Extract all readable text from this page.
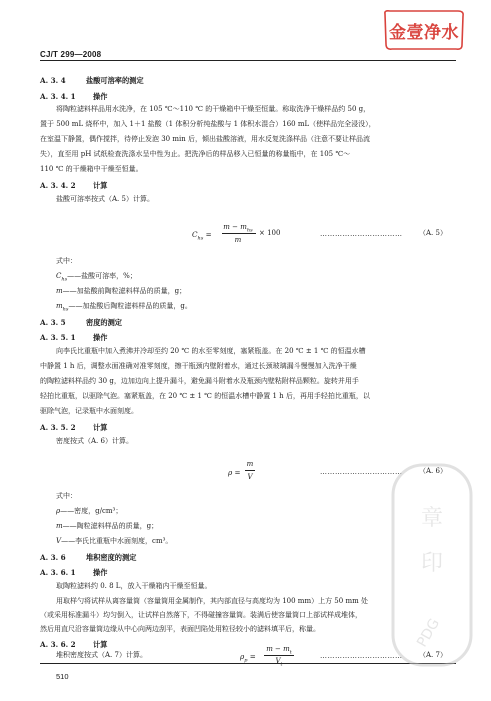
CJ/T 299—2008
金壹净水
A. 3. 4	盐酸可溶率的测定
A. 3. 4. 1 操作
将陶粒滤料样品用水洗净，在 105 ℃～110 ℃ 的干燥箱中干燥至恒量。称取洗净干燥样品约 50 g，
置于 500 mL 烧杯中，加入 1＋1 盐酸（1 体积分析纯盐酸与 1 体积水混合）160 mL（使样品完全浸没），
在室温下静置，偶作搅拌，待停止发泡 30 min 后，倾出盐酸溶液，用水反复洗涤样品（注意不要让样品流
失），直至用 pH 试纸检查洗涤水呈中性为止。把洗净后的样品移入已恒量的称量瓶中，在 105 ℃～
110 ℃ 的干燥箱中干燥至恒量。
A. 3. 4. 2 计算
盐酸可溶率按式（A. 5）计算。
$C_{hs}$ =
$m - m_{hs}$
m
× 100	…………………………… （A. 5）
式中：
$C_{hs}——$盐酸可溶率，%；
m——加盐酸前陶粒滤料样品的质量，g；
$m_{hs}——$加盐酸后陶粒滤料样品的质量，g。
A. 3. 5	密度的测定
A. 3. 5. 1 操作
向李氏比重瓶中加入煮沸并冷却至约 20 ℃ 的水至零刻度，塞紧瓶盖。在 20 ℃ ± 1 ℃ 的恒温水槽
中静置 1 h 后，调整水面准确对准零刻度，擦干瓶颈内壁附着水，通过长颈玻璃漏斗慢慢加入洗净干燥
的陶粒滤料样品约 30 g，边加边向上提升漏斗，避免漏斗附着水及瓶颈内壁粘附样品颗粒。旋转并用手
轻拍比重瓶，以驱除气泡。塞紧瓶盖，在 20 ℃ ± 1 ℃ 的恒温水槽中静置 1 h 后，再用手轻拍比重瓶，以
驱除气泡，记录瓶中水面刻度。
A. 3. 5. 2 计算
密度按式（A. 6）计算。
ρ =
m
V
…………………………… （A. 6）
式中：
ρ——密度，g/cm³；
m——陶粒滤料样品的质量，g；
V——李氏比重瓶中水面刻度，cm³。
A. 3. 6	堆积密度的测定
A. 3. 6. 1 操作
取陶粒滤料约 0. 8 L，放入干燥箱内干燥至恒量。
用取样勺将试样从离容量筒（容量筒用金属制作，其内部直径与高度均为 100 mm）上方 50 mm 处
（或采用标准漏斗）均匀倒入，让试样自然落下，不得碰撞容量筒。装满后使容量筒口上部试样成堆体，
然后用直尺沿容量筒边缘从中心向两边刮平，表面凹陷处用粒径较小的滤料填平后，称量。
A. 3. 6. 2 计算
堆积密度按式（A. 7）计算。	$\rho_p$ =
$m - m_t$
$V_t$
…………………………… （A. 7）
510
章
印
PDG
